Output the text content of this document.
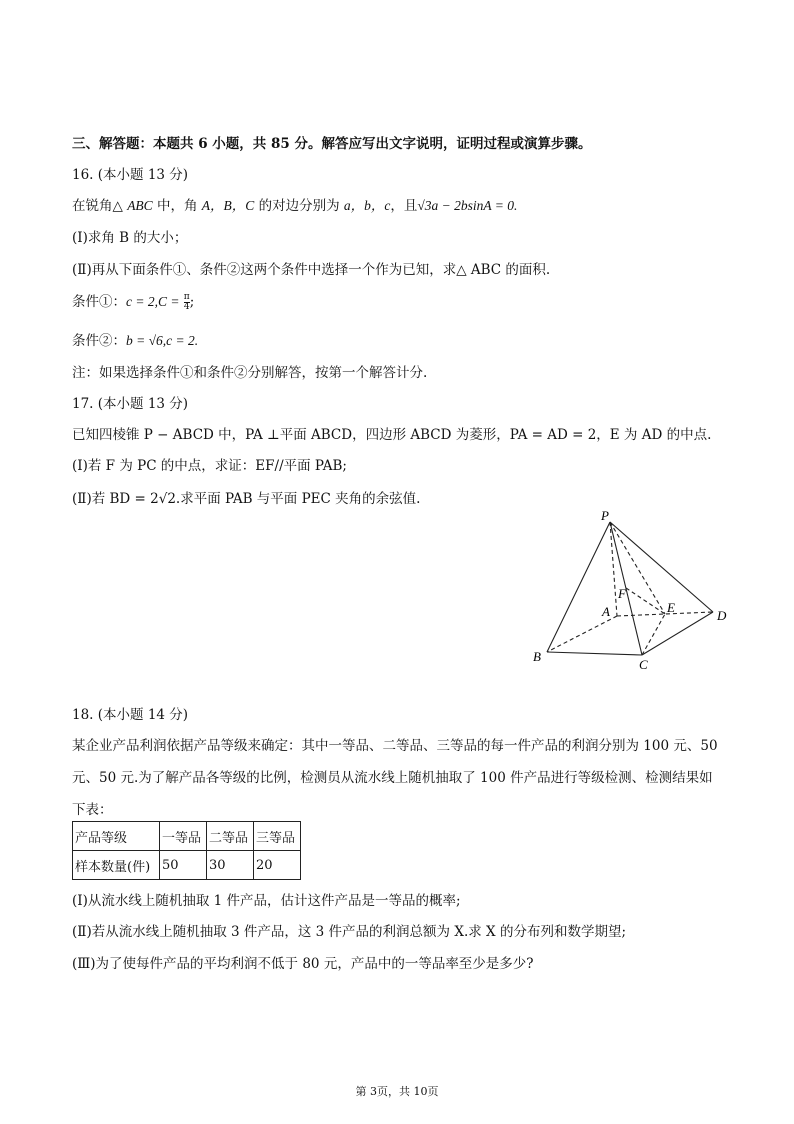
三、解答题：本题共 6 小题，共 85 分。解答应写出文字说明，证明过程或演算步骤。
16. (本小题 13 分)
在锐角△ ABC 中，角 A，B，C 的对边分别为 a，b，c，且√3a − 2bsinA = 0.
(Ⅰ)求角 B 的大小；
(Ⅱ)再从下面条件①、条件②这两个条件中选择一个作为已知，求△ ABC 的面积.
条件①：$c = 2,C = \frac{\pi}{4}$ ;
条件②：b = √6,c = 2.
注：如果选择条件①和条件②分别解答，按第一个解答计分.
17. (本小题 13 分)
已知四棱锥 P − ABCD 中，PA ⊥平面 ABCD，四边形 ABCD 为菱形，PA = AD = 2，E 为 AD 的中点.
(Ⅰ)若 F 为 PC 的中点，求证：EF//平面 PAB;
(Ⅱ)若 BD = 2√2.求平面 PAB 与平面 PEC 夹角的余弦值.
P
A
B
C
D
E
F
18. (本小题 14 分)
某企业产品利润依据产品等级来确定：其中一等品、二等品、三等品的每一件产品的利润分别为 100 元、50
元、50 元.为了解产品各等级的比例，检测员从流水线上随机抽取了 100 件产品进行等级检测、检测结果如
下表：
产品等级	一等品	二等品	三等品
样本数量(件)	50	30	20
(Ⅰ)从流水线上随机抽取 1 件产品，估计这件产品是一等品的概率;
(Ⅱ)若从流水线上随机抽取 3 件产品，这 3 件产品的利润总额为 X.求 X 的分布列和数学期望;
(Ⅲ)为了使每件产品的平均利润不低于 80 元，产品中的一等品率至少是多少?
第 3页，共 10页
